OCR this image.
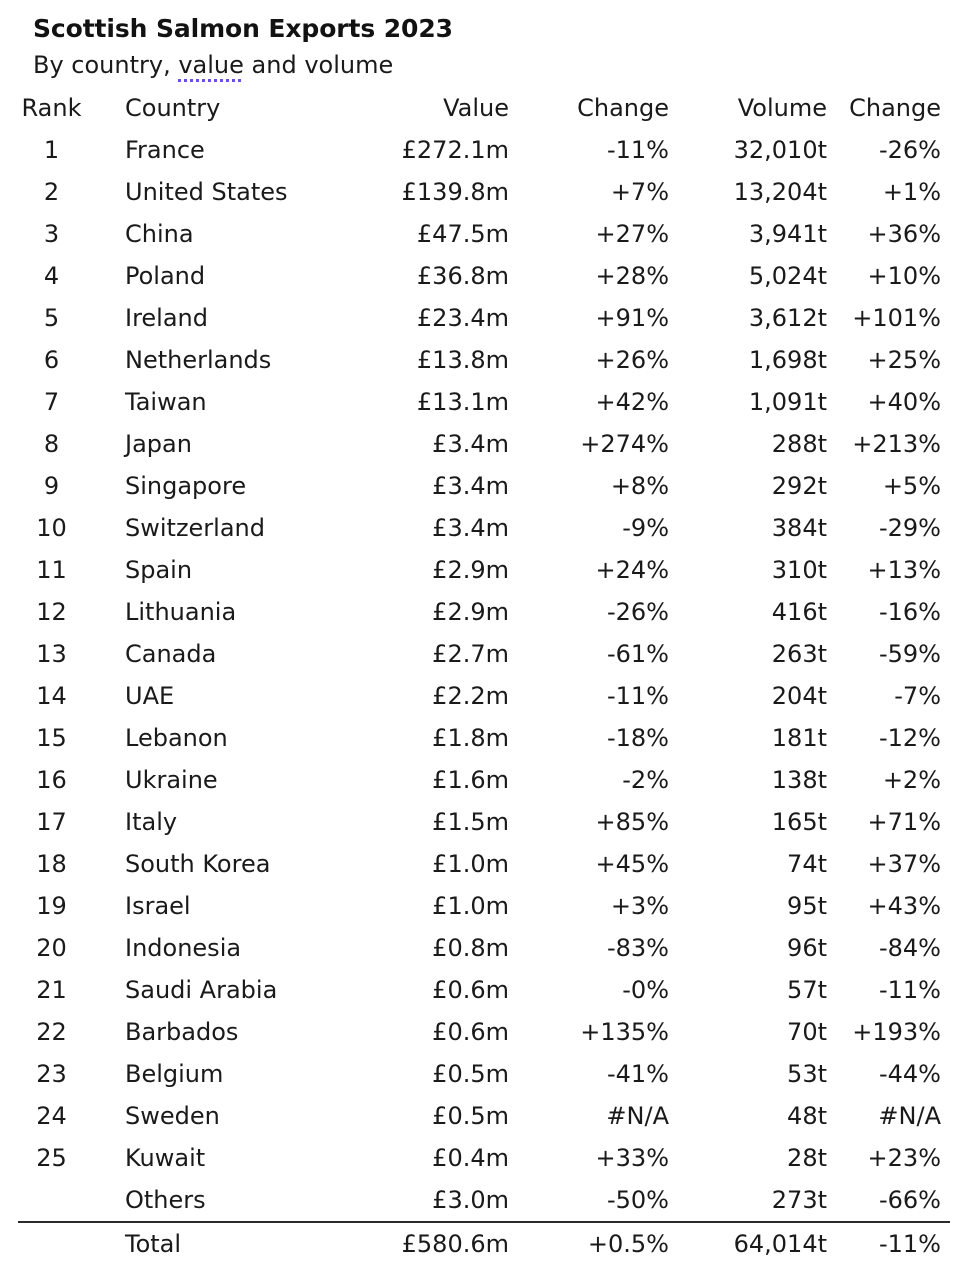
Scottish Salmon Exports 2023
By country, value and volume
Rank	Country	Value	Change	Volume	Change
1	France	£272.1m	-11%	32,010t	-26%
2	United States	£139.8m	+7%	13,204t	+1%
3	China	£47.5m	+27%	3,941t	+36%
4	Poland	£36.8m	+28%	5,024t	+10%
5	Ireland	£23.4m	+91%	3,612t	+101%
6	Netherlands	£13.8m	+26%	1,698t	+25%
7	Taiwan	£13.1m	+42%	1,091t	+40%
8	Japan	£3.4m	+274%	288t	+213%
9	Singapore	£3.4m	+8%	292t	+5%
10	Switzerland	£3.4m	-9%	384t	-29%
11	Spain	£2.9m	+24%	310t	+13%
12	Lithuania	£2.9m	-26%	416t	-16%
13	Canada	£2.7m	-61%	263t	-59%
14	UAE	£2.2m	-11%	204t	-7%
15	Lebanon	£1.8m	-18%	181t	-12%
16	Ukraine	£1.6m	-2%	138t	+2%
17	Italy	£1.5m	+85%	165t	+71%
18	South Korea	£1.0m	+45%	74t	+37%
19	Israel	£1.0m	+3%	95t	+43%
20	Indonesia	£0.8m	-83%	96t	-84%
21	Saudi Arabia	£0.6m	-0%	57t	-11%
22	Barbados	£0.6m	+135%	70t	+193%
23	Belgium	£0.5m	-41%	53t	-44%
24	Sweden	£0.5m	#N/A	48t	#N/A
25	Kuwait	£0.4m	+33%	28t	+23%
	Others	£3.0m	-50%	273t	-66%
	Total	£580.6m	+0.5%	64,014t	-11%
